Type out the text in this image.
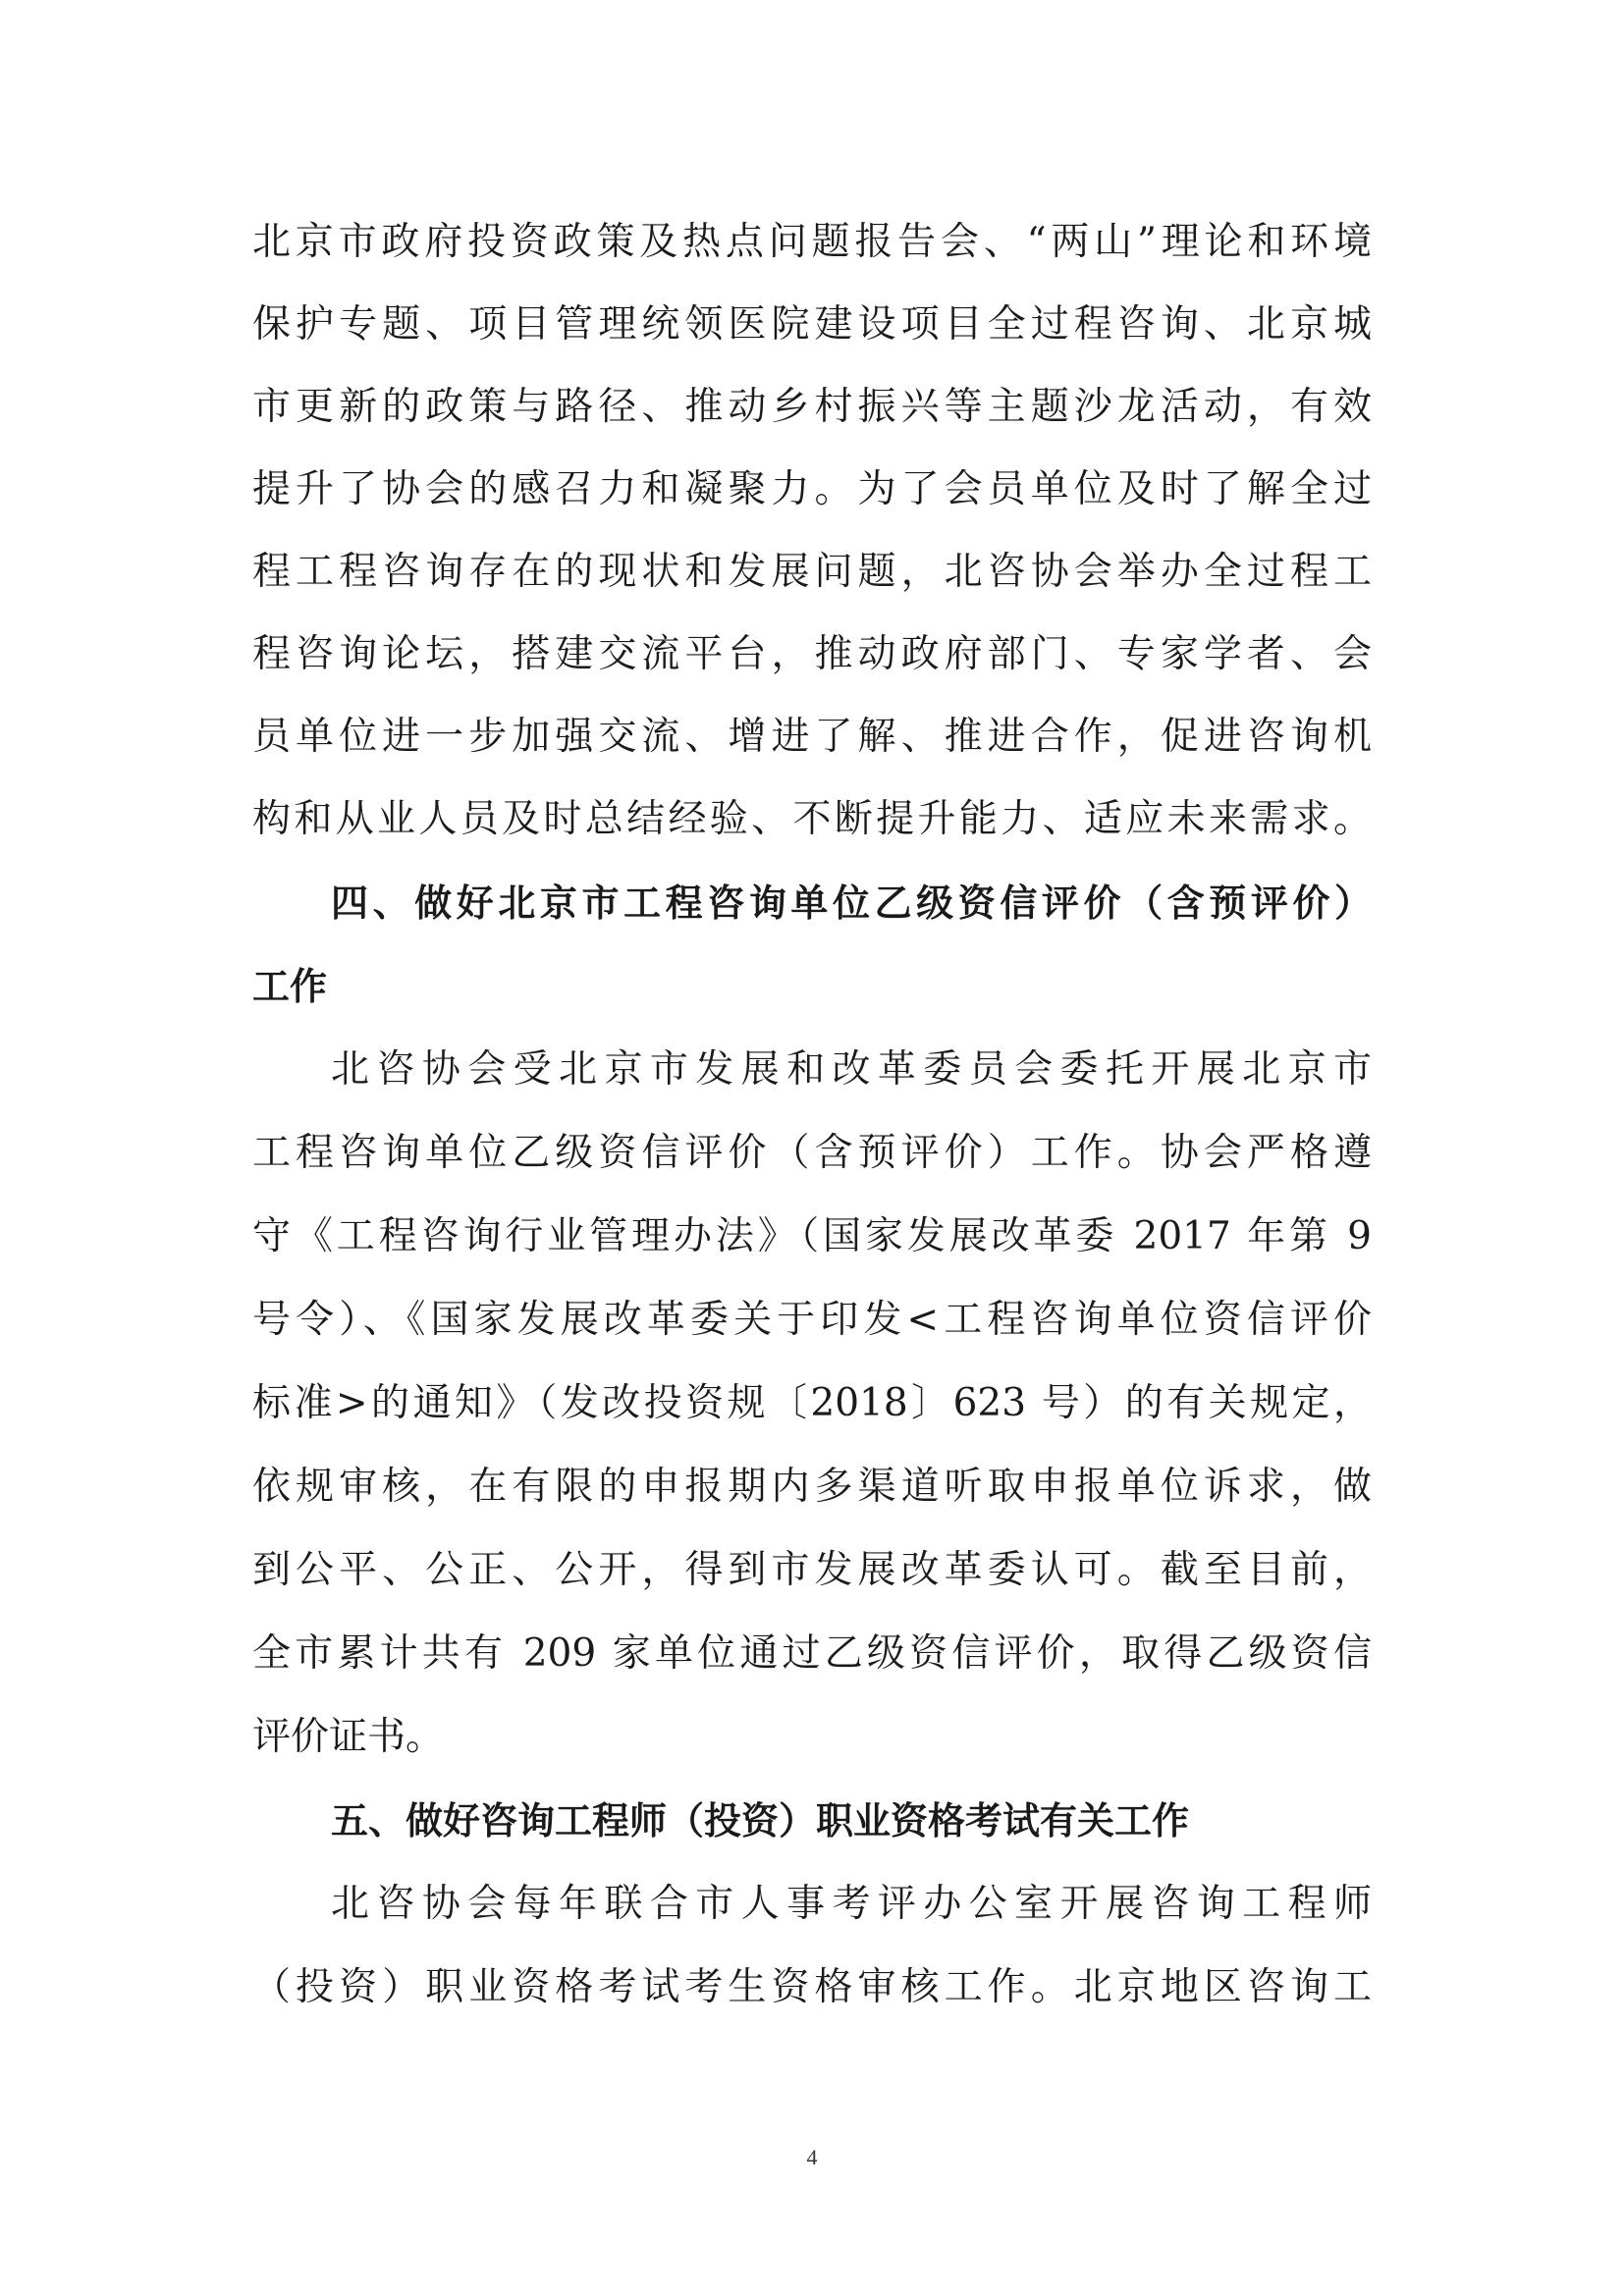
北京市政府投资政策及热点问题报告会、“两山”理论和环境
保护专题、项目管理统领医院建设项目全过程咨询、北京城
市更新的政策与路径、推动乡村振兴等主题沙龙活动，有效
提升了协会的感召力和凝聚力。为了会员单位及时了解全过
程工程咨询存在的现状和发展问题，北咨协会举办全过程工
程咨询论坛，搭建交流平台，推动政府部门、专家学者、会
员单位进一步加强交流、增进了解、推进合作，促进咨询机
构和从业人员及时总结经验、不断提升能力、适应未来需求。
四、做好北京市工程咨询单位乙级资信评价（含预评价）
工作
北咨协会受北京市发展和改革委员会委托开展北京市
工程咨询单位乙级资信评价（含预评价）工作。协会严格遵
守《工程咨询行业管理办法》（国家发展改革委 2017 年第 9
号令）、《国家发展改革委关于印发<工程咨询单位资信评价
标准>的通知》（发改投资规〔2018〕623 号）的有关规定，
依规审核，在有限的申报期内多渠道听取申报单位诉求，做
到公平、公正、公开，得到市发展改革委认可。截至目前，
全市累计共有 209 家单位通过乙级资信评价，取得乙级资信
评价证书。
五、做好咨询工程师（投资）职业资格考试有关工作
北咨协会每年联合市人事考评办公室开展咨询工程师
（投资）职业资格考试考生资格审核工作。北京地区咨询工
4
